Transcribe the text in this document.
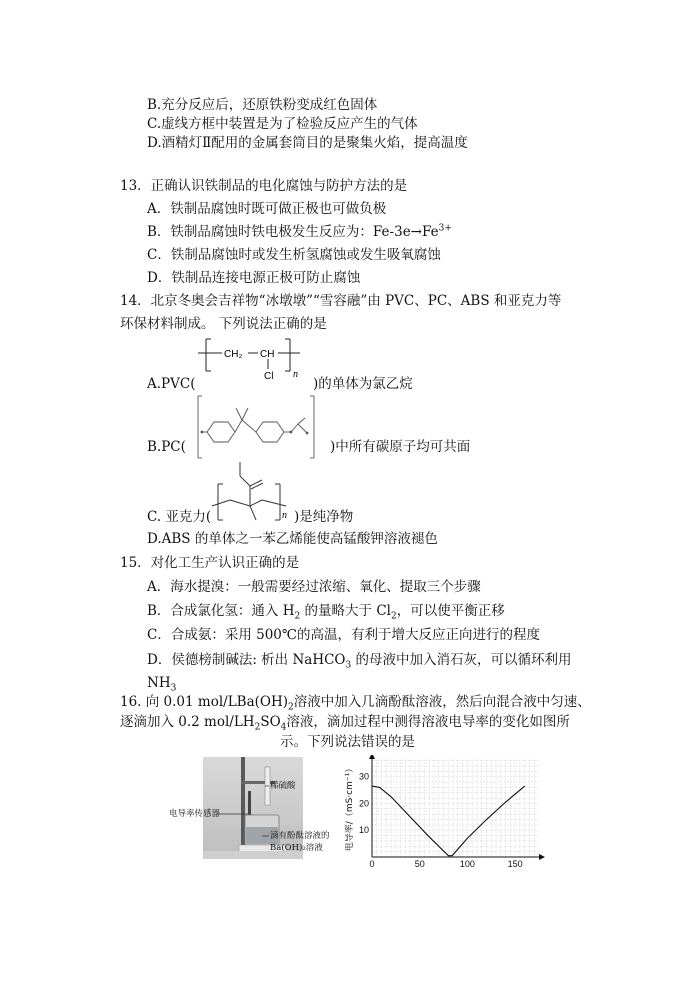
B.充分反应后，还原铁粉变成红色固体
C.虚线方框中装置是为了检验反应产生的气体
D.酒精灯Ⅱ配用的金属套筒目的是聚集火焰，提高温度
13．正确认识铁制品的电化腐蚀与防护方法的是
A．铁制品腐蚀时既可做正极也可做负极
B．铁制品腐蚀时铁电极发生反应为：$Fe-3e\to Fe^{3+}$
C．铁制品腐蚀时或发生析氢腐蚀或发生吸氧腐蚀
D．铁制品连接电源正极可防止腐蚀
14．北京冬奥会吉祥物“冰墩墩”“雪容融”由 PVC、PC、ABS 和亚克力等
环保材料制成。 下列说法正确的是
CH₂ CH
Cl n
A.PVC(	)的单体为氯乙烷
B.PC(	)中所有碳原子均可共面
n
C. 亚克力(	)是纯净物
D.ABS 的单体之一苯乙烯能使高锰酸钾溶液褪色
15．对化工生产认识正确的是
A．海水提溴：一般需要经过浓缩、氧化、提取三个步骤
B．合成氯化氢：通入 $H_2$ 的量略大于 $Cl_2$，可以使平衡正移
C．合成氨：采用 500℃的高温，有利于增大反应正向进行的程度
D．侯德榜制碱法: 析出 NaHCO$_3$ 的母液中加入消石灰，可以循环利用
$NH_3$
16. 向 0.01 mol/$LBa(OH)_2$溶液中加入几滴酚酞溶液，然后向混合液中匀速、
逐滴加入 0.2 mol/$LH_2SO_4$溶液，滴加过程中测得溶液电导率的变化如图所
示。下列说法错误的是
稀硫酸
电导率传感器
滴有酚酞溶液的
Ba(OH)₂溶液
0	50	100	150
10
20
30
电导率/（mS·cm⁻¹）
